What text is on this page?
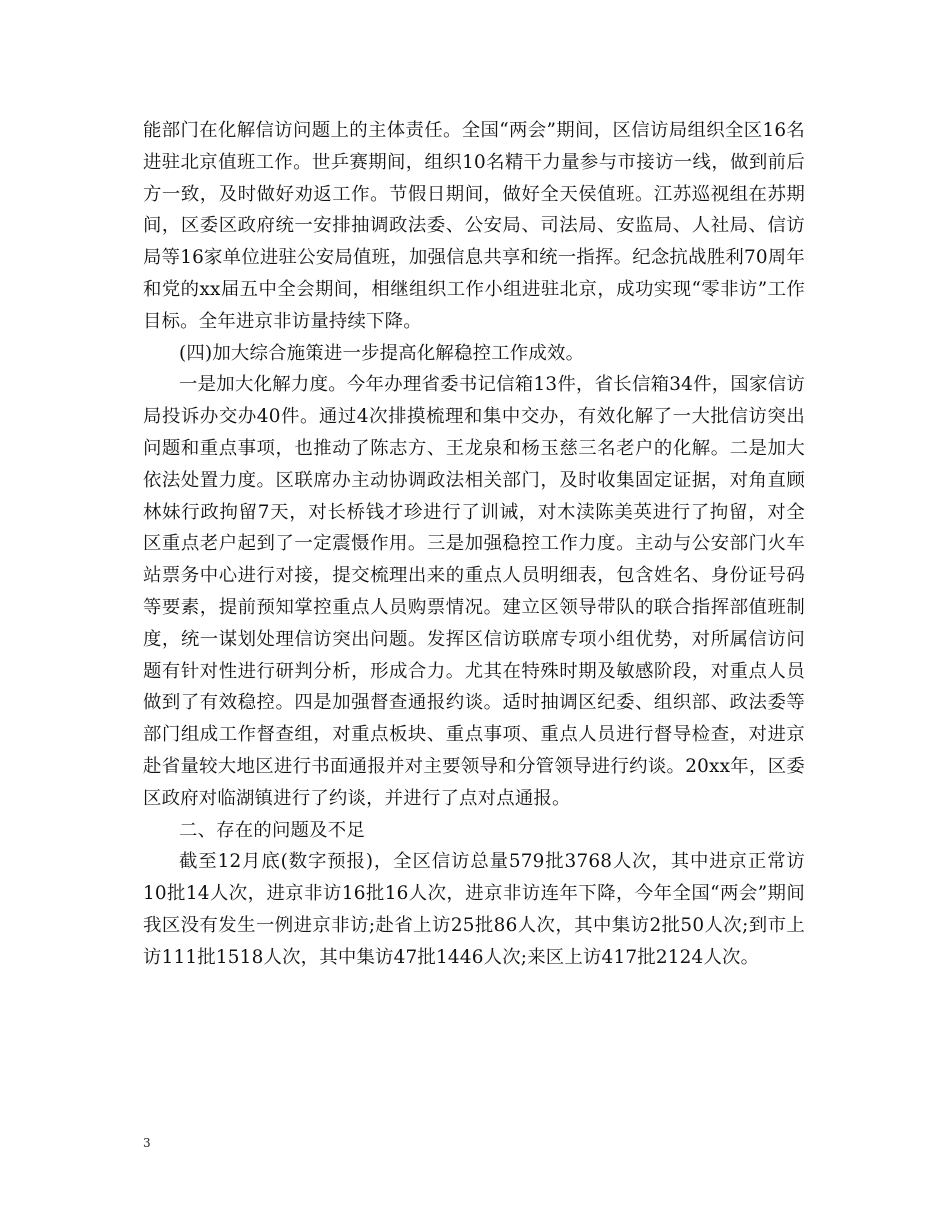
能部门在化解信访问题上的主体责任。全国“两会”期间，区信访局组织全区16名进驻北京值班工作。世乒赛期间，组织10名精干力量参与市接访一线，做到前后方一致，及时做好劝返工作。节假日期间，做好全天侯值班。江苏巡视组在苏期间，区委区政府统一安排抽调政法委、公安局、司法局、安监局、人社局、信访局等16家单位进驻公安局值班，加强信息共享和统一指挥。纪念抗战胜利70周年和党的xx届五中全会期间，相继组织工作小组进驻北京，成功实现“零非访”工作目标。全年进京非访量持续下降。

(四)加大综合施策进一步提高化解稳控工作成效。

一是加大化解力度。今年办理省委书记信箱13件，省长信箱34件，国家信访局投诉办交办40件。通过4次排摸梳理和集中交办，有效化解了一大批信访突出问题和重点事项，也推动了陈志方、王龙泉和杨玉慈三名老户的化解。二是加大依法处置力度。区联席办主动协调政法相关部门，及时收集固定证据，对角直顾林妹行政拘留7天，对长桥钱才珍进行了训诫，对木渎陈美英进行了拘留，对全区重点老户起到了一定震慑作用。三是加强稳控工作力度。主动与公安部门火车站票务中心进行对接，提交梳理出来的重点人员明细表，包含姓名、身份证号码等要素，提前预知掌控重点人员购票情况。建立区领导带队的联合指挥部值班制度，统一谋划处理信访突出问题。发挥区信访联席专项小组优势，对所属信访问题有针对性进行研判分析，形成合力。尤其在特殊时期及敏感阶段，对重点人员做到了有效稳控。四是加强督查通报约谈。适时抽调区纪委、组织部、政法委等部门组成工作督查组，对重点板块、重点事项、重点人员进行督导检查，对进京赴省量较大地区进行书面通报并对主要领导和分管领导进行约谈。20xx年，区委区政府对临湖镇进行了约谈，并进行了点对点通报。

二、存在的问题及不足

截至12月底(数字预报)，全区信访总量579批3768人次，其中进京正常访10批14人次，进京非访16批16人次，进京非访连年下降，今年全国“两会”期间我区没有发生一例进京非访;赴省上访25批86人次，其中集访2批50人次;到市上访111批1518人次，其中集访47批1446人次;来区上访417批2124人次。

3
